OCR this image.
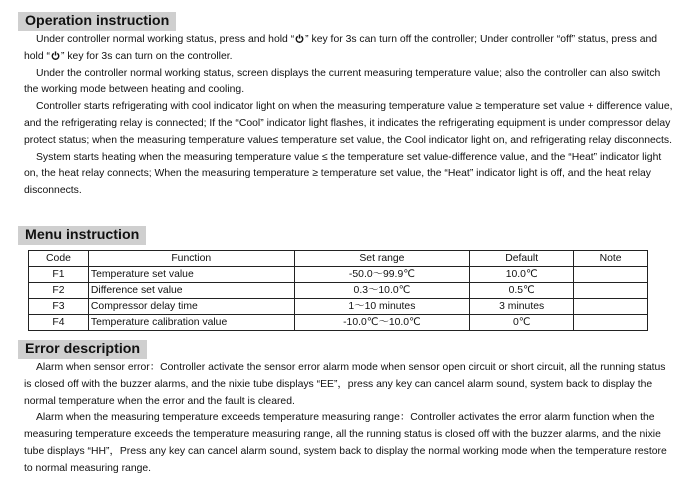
Operation instruction

Under controller normal working status, press and hold “ ” key for 3s can turn off the controller; Under controller “off” status, press and hold “ ” key for 3s can turn on the controller.

Under the controller normal working status, screen displays the current measuring temperature value; also the controller can also switch the working mode between heating and cooling.

Controller starts refrigerating with cool indicator light on when the measuring temperature value ≥ temperature set value + difference value, and the refrigerating relay is connected; If the “Cool” indicator light flashes, it indicates the refrigerating equipment is under compressor delay protect status; when the measuring temperature value≤ temperature set value, the Cool indicator light on, and refrigerating relay disconnects.

System starts heating when the measuring temperature value ≤ the temperature set value-difference value, and the “Heat” indicator light on, the heat relay connects; When the measuring temperature ≥ temperature set value, the “Heat” indicator light is off, and the heat relay disconnects.

Menu instruction
Code	Function	Set range	Default	Note
F1	Temperature set value	-50.0～99.9℃	10.0℃	
F2	Difference set value	0.3～10.0℃	0.5℃	
F3	Compressor delay time	1～10 minutes	3 minutes	
F4	Temperature calibration value	-10.0℃～10.0℃	0℃	
Error description

Alarm when sensor error：Controller activate the sensor error alarm mode when sensor open circuit or short circuit, all the running status is closed off with the buzzer alarms, and the nixie tube displays “EE”，press any key can cancel alarm sound, system back to display the normal temperature when the error and the fault is cleared.

Alarm when the measuring temperature exceeds temperature measuring range：Controller activates the error alarm function when the measuring temperature exceeds the temperature measuring range, all the running status is closed off with the buzzer alarms, and the nixie tube displays “HH”，Press any key can cancel alarm sound, system back to display the normal working mode when the temperature restore to normal measuring range.
